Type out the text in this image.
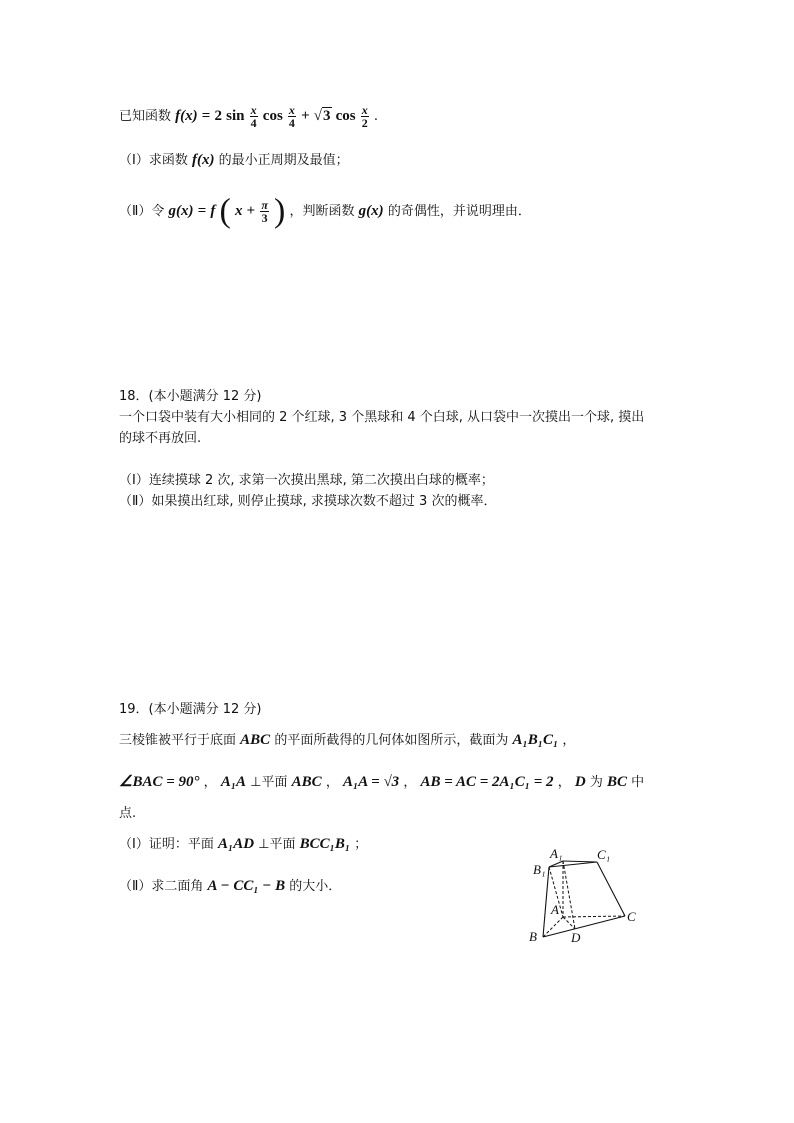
已知函数 f(x) = 2 $\sin \frac{x}{4}$ $\cos \frac{x}{4} + √3$ $\cos \frac{x}{2}$ .
（Ⅰ）求函数 f(x) 的最小正周期及最值；
（Ⅱ）令 g(x) = f ( $x + \frac{\pi}{3}$ ) ，判断函数 g(x) 的奇偶性，并说明理由．
18．(本小题满分 12 分)
一个口袋中装有大小相同的 2 个红球, 3 个黑球和 4 个白球, 从口袋中一次摸出一个球, 摸出
的球不再放回.
（Ⅰ）连续摸球 2 次, 求第一次摸出黑球, 第二次摸出白球的概率；
（Ⅱ）如果摸出红球, 则停止摸球, 求摸球次数不超过 3 次的概率．
19．(本小题满分 12 分)
三棱锥被平行于底面 ABC 的平面所截得的几何体如图所示，截面为 A₁B₁C₁ ，
∠BAC = 90° ， A₁A ⊥平面 ABC ， A₁A = √3 ， AB = AC = 2A₁C₁ = 2 ， D 为 BC 中
点.
（Ⅰ）证明：平面 A₁AD ⊥平面 BCC₁B₁ ；
（Ⅱ）求二面角 A − CC₁ − B 的大小．
A₁
B₁
C₁
A
B
C
D
